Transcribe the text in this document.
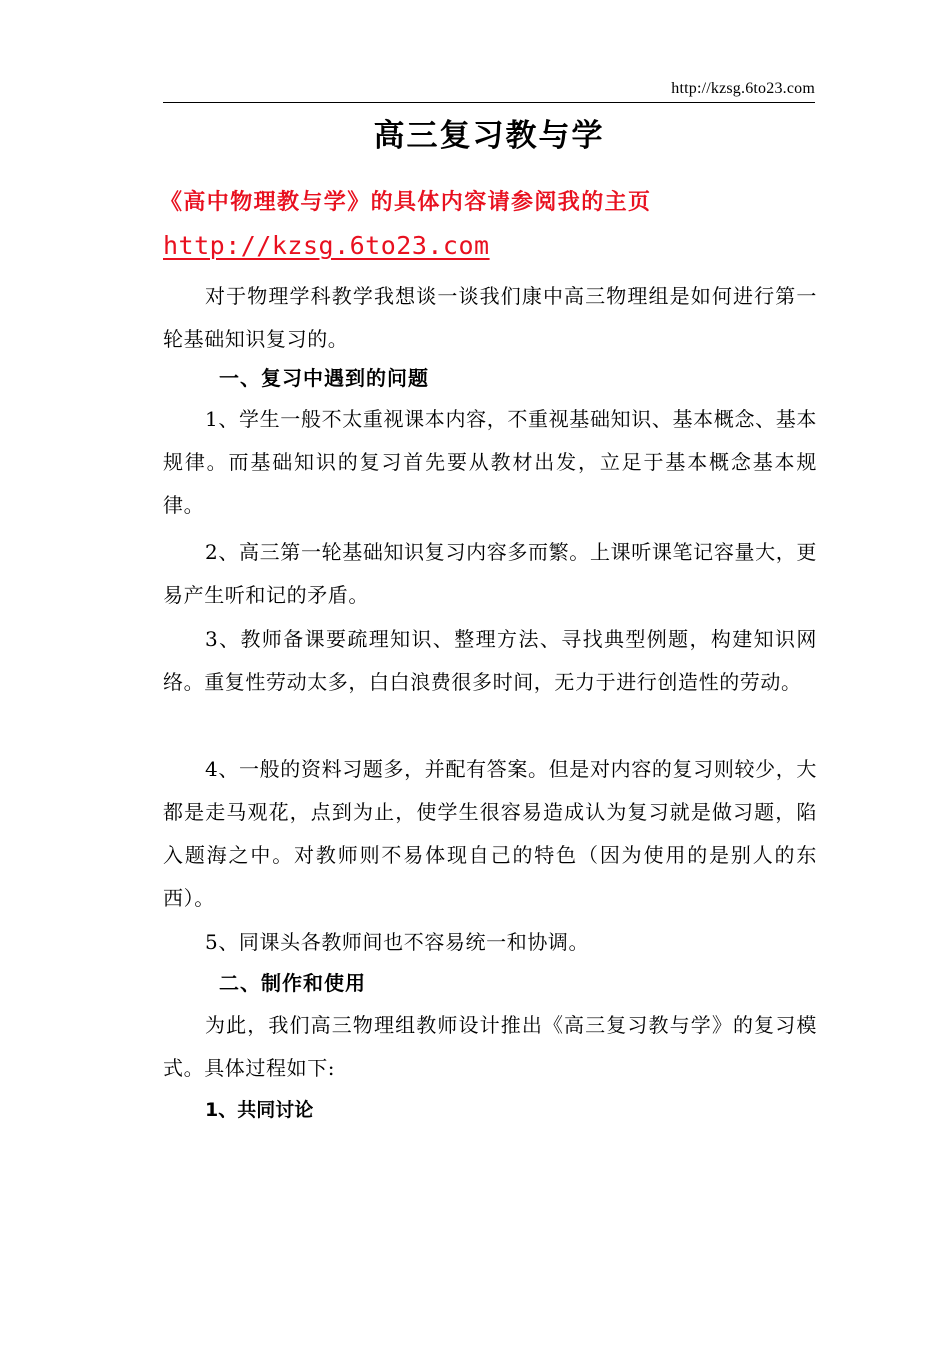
http://kzsg.6to23.com
高三复习教与学
《高中物理教与学》的具体内容请参阅我的主页
http://kzsg.6to23.com
对于物理学科教学我想谈一谈我们康中高三物理组是如何进行第一轮基础知识复习的。
一、复习中遇到的问题
1、学生一般不太重视课本内容，不重视基础知识、基本概念、基本规律。而基础知识的复习首先要从教材出发，立足于基本概念基本规律。
2、高三第一轮基础知识复习内容多而繁。上课听课笔记容量大，更易产生听和记的矛盾。
3、教师备课要疏理知识、整理方法、寻找典型例题，构建知识网络。重复性劳动太多，白白浪费很多时间，无力于进行创造性的劳动。
4、一般的资料习题多，并配有答案。但是对内容的复习则较少，大都是走马观花，点到为止，使学生很容易造成认为复习就是做习题，陷入题海之中。对教师则不易体现自己的特色（因为使用的是别人的东西）。
5、同课头各教师间也不容易统一和协调。
二、制作和使用
为此，我们高三物理组教师设计推出《高三复习教与学》的复习模式。具体过程如下:
1、共同讨论
